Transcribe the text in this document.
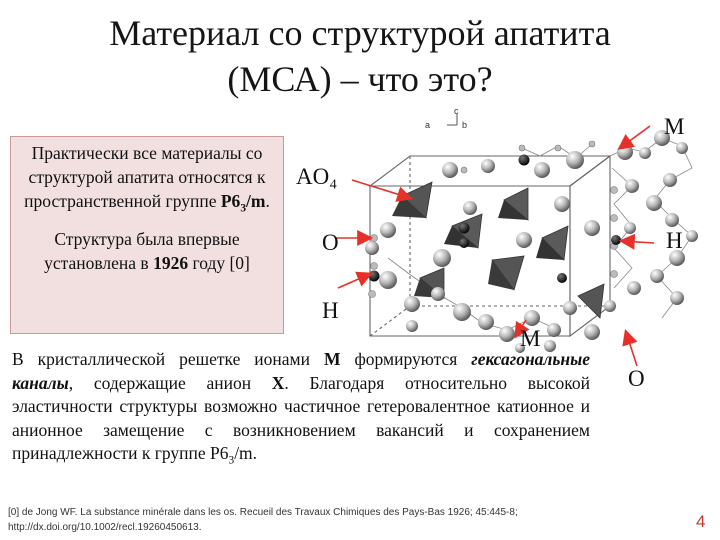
Материал со структурой апатита
(МСА) – что это?

Практически все материалы со структурой апатита относятся к пространственной группе $P6_3/m$.

Структура была впервые установлена в 1926 году [0]

a
c
b	M
AO₄
O	H
H
M
O
В кристаллической решетке ионами M формируются гексагональные каналы, содержащие анион X. Благодаря относительно высокой эластичности структуры возможно частичное гетеровалентное катионное и анионное замещение с возникновением вакансий и сохранением принадлежности к группе $P6_3/m$.
[0] de Jong WF. La substance minérale dans les os. Recueil des Travaux Chimiques des Pays-Bas 1926; 45:445-8;
http://dx.doi.org/10.1002/recl.19260450613.	4
